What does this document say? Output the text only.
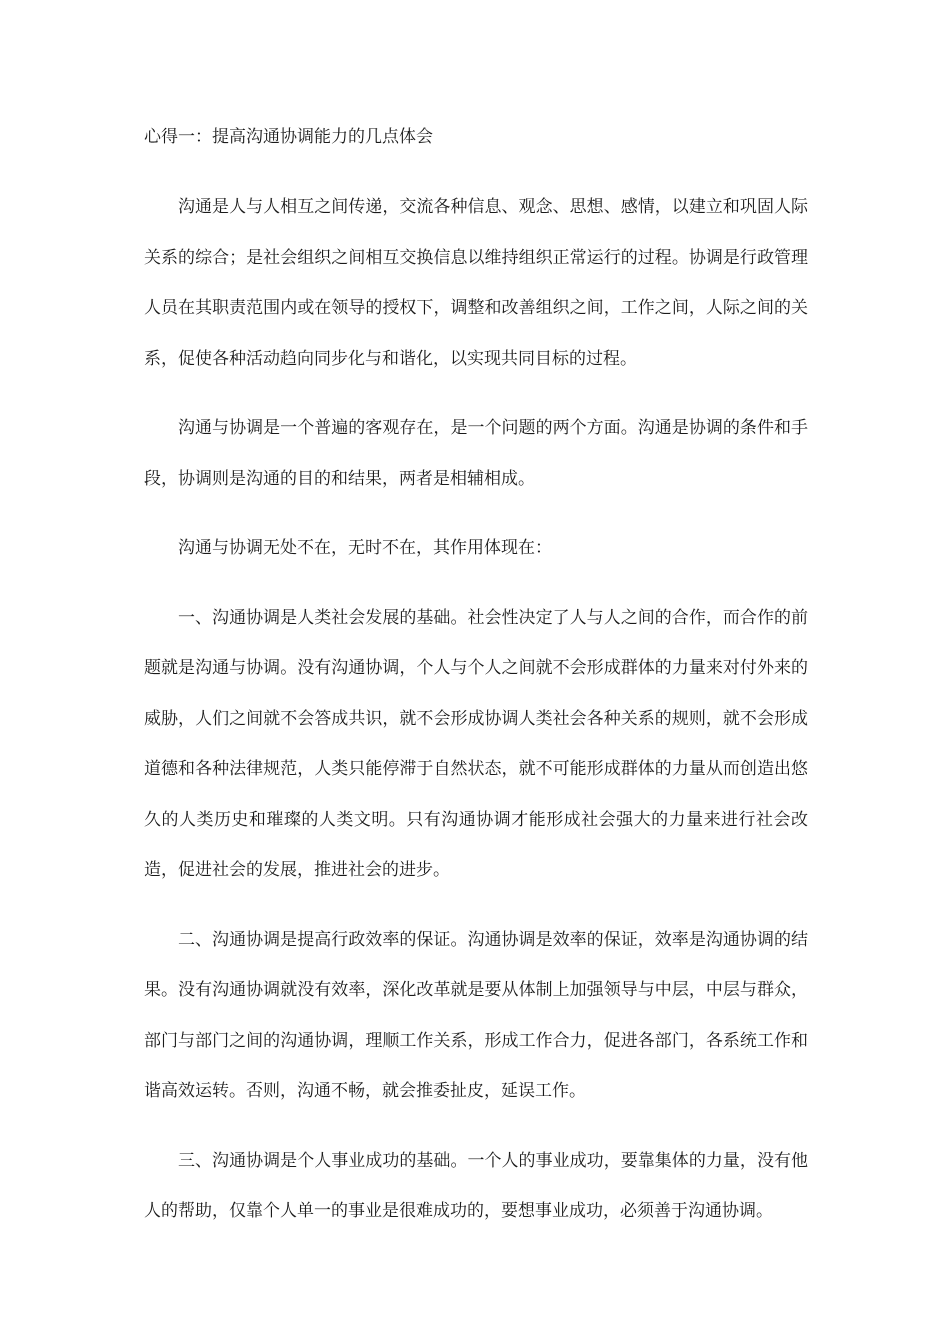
心得一：提高沟通协调能力的几点体会

沟通是人与人相互之间传递，交流各种信息、观念、思想、感情，以建立和巩固人际关系的综合；是社会组织之间相互交换信息以维持组织正常运行的过程。协调是行政管理人员在其职责范围内或在领导的授权下，调整和改善组织之间，工作之间，人际之间的关系，促使各种活动趋向同步化与和谐化，以实现共同目标的过程。

沟通与协调是一个普遍的客观存在，是一个问题的两个方面。沟通是协调的条件和手段，协调则是沟通的目的和结果，两者是相辅相成。

沟通与协调无处不在，无时不在，其作用体现在：

一、沟通协调是人类社会发展的基础。社会性决定了人与人之间的合作，而合作的前题就是沟通与协调。没有沟通协调，个人与个人之间就不会形成群体的力量来对付外来的威胁，人们之间就不会答成共识，就不会形成协调人类社会各种关系的规则，就不会形成道德和各种法律规范，人类只能停滞于自然状态，就不可能形成群体的力量从而创造出悠久的人类历史和璀璨的人类文明。只有沟通协调才能形成社会强大的力量来进行社会改造，促进社会的发展，推进社会的进步。

二、沟通协调是提高行政效率的保证。沟通协调是效率的保证，效率是沟通协调的结果。没有沟通协调就没有效率，深化改革就是要从体制上加强领导与中层，中层与群众，部门与部门之间的沟通协调，理顺工作关系，形成工作合力，促进各部门，各系统工作和谐高效运转。否则，沟通不畅，就会推委扯皮，延误工作。

三、沟通协调是个人事业成功的基础。一个人的事业成功，要靠集体的力量，没有他人的帮助，仅靠个人单一的事业是很难成功的，要想事业成功，必须善于沟通协调。
